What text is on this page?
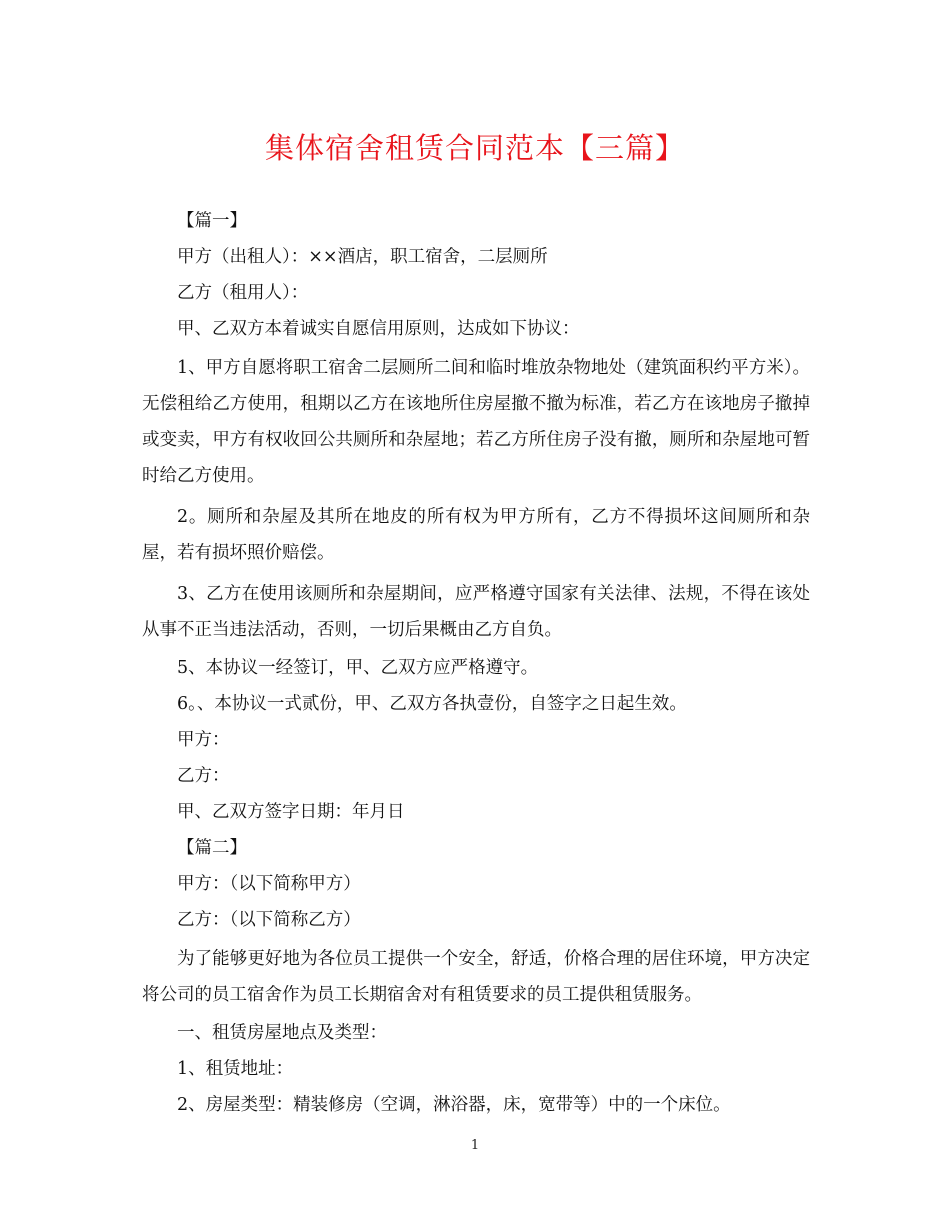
集体宿舍租赁合同范本【三篇】

【篇一】

甲方（出租人）：××酒店，职工宿舍，二层厕所

乙方（租用人）：

甲、乙双方本着诚实自愿信用原则，达成如下协议：

1、甲方自愿将职工宿舍二层厕所二间和临时堆放杂物地处（建筑面积约平方米）。无偿租给乙方使用，租期以乙方在该地所住房屋撤不撤为标准，若乙方在该地房子撤掉或变卖，甲方有权收回公共厕所和杂屋地；若乙方所住房子没有撤，厕所和杂屋地可暂时给乙方使用。

2。厕所和杂屋及其所在地皮的所有权为甲方所有，乙方不得损坏这间厕所和杂屋，若有损坏照价赔偿。

3、乙方在使用该厕所和杂屋期间，应严格遵守国家有关法律、法规，不得在该处从事不正当违法活动，否则，一切后果概由乙方自负。

5、本协议一经签订，甲、乙双方应严格遵守。

6。、本协议一式贰份，甲、乙双方各执壹份，自签字之日起生效。

甲方：

乙方：

甲、乙双方签字日期：年月日

【篇二】

甲方：（以下简称甲方）

乙方：（以下简称乙方）

为了能够更好地为各位员工提供一个安全，舒适，价格合理的居住环境，甲方决定将公司的员工宿舍作为员工长期宿舍对有租赁要求的员工提供租赁服务。

一、租赁房屋地点及类型：

1、租赁地址：

2、房屋类型：精装修房（空调，淋浴器，床，宽带等）中的一个床位。

1
